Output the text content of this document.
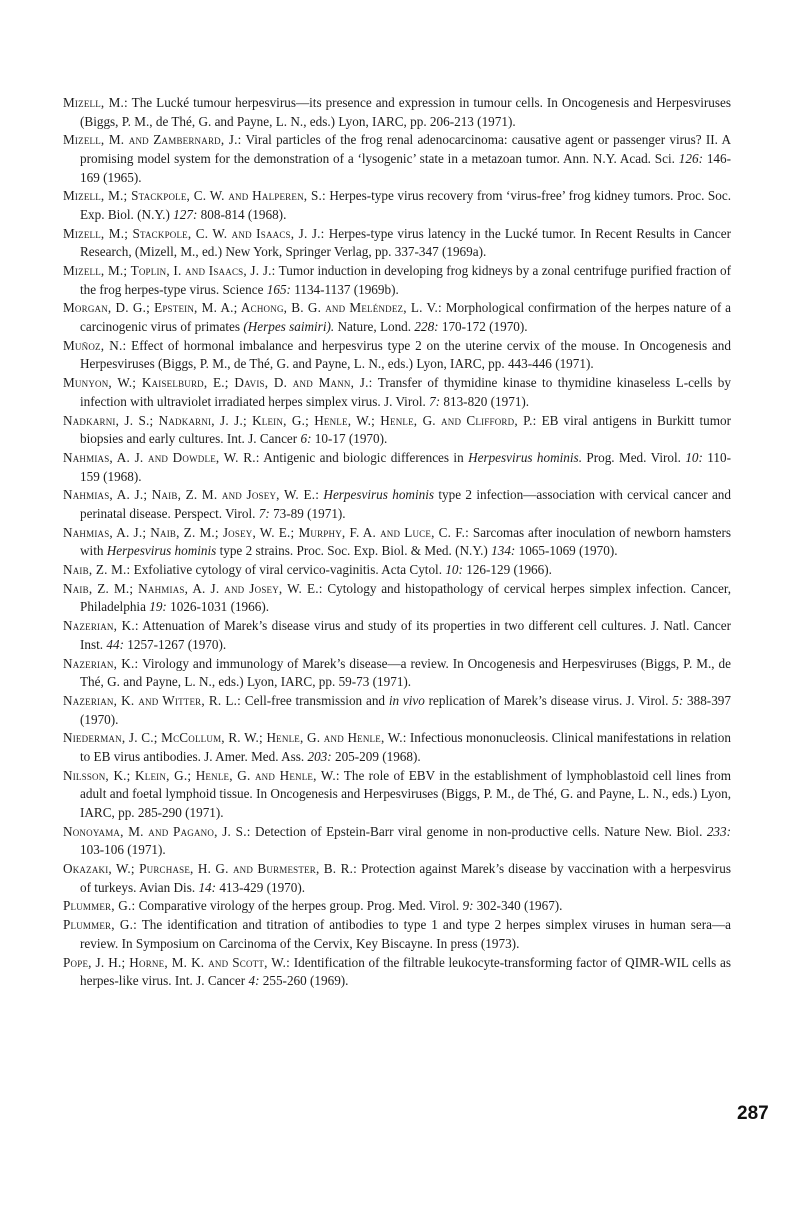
Mizell, M.: The Lucké tumour herpesvirus—its presence and expression in tumour cells. In Oncogenesis and Herpesviruses (Biggs, P. M., de Thé, G. and Payne, L. N., eds.) Lyon, IARC, pp. 206-213 (1971).

Mizell, M. and Zambernard, J.: Viral particles of the frog renal adenocarcinoma: causative agent or passenger virus? II. A promising model system for the demonstration of a ‘lysogenic’ state in a metazoan tumor. Ann. N.Y. Acad. Sci. 126: 146-169 (1965).

Mizell, M.; Stackpole, C. W. and Halperen, S.: Herpes-type virus recovery from ‘virus-free’ frog kidney tumors. Proc. Soc. Exp. Biol. (N.Y.) 127: 808-814 (1968).

Mizell, M.; Stackpole, C. W. and Isaacs, J. J.: Herpes-type virus latency in the Lucké tumor. In Recent Results in Cancer Research, (Mizell, M., ed.) New York, Springer Verlag, pp. 337-347 (1969a).

Mizell, M.; Toplin, I. and Isaacs, J. J.: Tumor induction in developing frog kidneys by a zonal centrifuge purified fraction of the frog herpes-type virus. Science 165: 1134-1137 (1969b).

Morgan, D. G.; Epstein, M. A.; Achong, B. G. and Meléndez, L. V.: Morphological confirmation of the herpes nature of a carcinogenic virus of primates (Herpes saimiri). Nature, Lond. 228: 170-172 (1970).

Muñoz, N.: Effect of hormonal imbalance and herpesvirus type 2 on the uterine cervix of the mouse. In Oncogenesis and Herpesviruses (Biggs, P. M., de Thé, G. and Payne, L. N., eds.) Lyon, IARC, pp. 443-446 (1971).

Munyon, W.; Kaiselburd, E.; Davis, D. and Mann, J.: Transfer of thymidine kinase to thymidine kinaseless L-cells by infection with ultraviolet irradiated herpes simplex virus. J. Virol. 7: 813-820 (1971).

Nadkarni, J. S.; Nadkarni, J. J.; Klein, G.; Henle, W.; Henle, G. and Clifford, P.: EB viral antigens in Burkitt tumor biopsies and early cultures. Int. J. Cancer 6: 10-17 (1970).

Nahmias, A. J. and Dowdle, W. R.: Antigenic and biologic differences in Herpesvirus hominis. Prog. Med. Virol. 10: 110-159 (1968).

Nahmias, A. J.; Naib, Z. M. and Josey, W. E.: Herpesvirus hominis type 2 infection—association with cervical cancer and perinatal disease. Perspect. Virol. 7: 73-89 (1971).

Nahmias, A. J.; Naib, Z. M.; Josey, W. E.; Murphy, F. A. and Luce, C. F.: Sarcomas after inoculation of newborn hamsters with Herpesvirus hominis type 2 strains. Proc. Soc. Exp. Biol. & Med. (N.Y.) 134: 1065-1069 (1970).

Naib, Z. M.: Exfoliative cytology of viral cervico-vaginitis. Acta Cytol. 10: 126-129 (1966).

Naib, Z. M.; Nahmias, A. J. and Josey, W. E.: Cytology and histopathology of cervical herpes simplex infection. Cancer, Philadelphia 19: 1026-1031 (1966).

Nazerian, K.: Attenuation of Marek’s disease virus and study of its properties in two different cell cultures. J. Natl. Cancer Inst. 44: 1257-1267 (1970).

Nazerian, K.: Virology and immunology of Marek’s disease—a review. In Oncogenesis and Herpesviruses (Biggs, P. M., de Thé, G. and Payne, L. N., eds.) Lyon, IARC, pp. 59-73 (1971).

Nazerian, K. and Witter, R. L.: Cell-free transmission and in vivo replication of Marek’s disease virus. J. Virol. 5: 388-397 (1970).

Niederman, J. C.; McCollum, R. W.; Henle, G. and Henle, W.: Infectious mononucleosis. Clinical manifestations in relation to EB virus antibodies. J. Amer. Med. Ass. 203: 205-209 (1968).

Nilsson, K.; Klein, G.; Henle, G. and Henle, W.: The role of EBV in the establishment of lymphoblastoid cell lines from adult and foetal lymphoid tissue. In Oncogenesis and Herpesviruses (Biggs, P. M., de Thé, G. and Payne, L. N., eds.) Lyon, IARC, pp. 285-290 (1971).

Nonoyama, M. and Pagano, J. S.: Detection of Epstein-Barr viral genome in non-productive cells. Nature New. Biol. 233: 103-106 (1971).

Okazaki, W.; Purchase, H. G. and Burmester, B. R.: Protection against Marek’s disease by vaccination with a herpesvirus of turkeys. Avian Dis. 14: 413-429 (1970).

Plummer, G.: Comparative virology of the herpes group. Prog. Med. Virol. 9: 302-340 (1967).

Plummer, G.: The identification and titration of antibodies to type 1 and type 2 herpes simplex viruses in human sera—a review. In Symposium on Carcinoma of the Cervix, Key Biscayne. In press (1973).

Pope, J. H.; Horne, M. K. and Scott, W.: Identification of the filtrable leukocyte-transforming factor of QIMR-WIL cells as herpes-like virus. Int. J. Cancer 4: 255-260 (1969).

287
